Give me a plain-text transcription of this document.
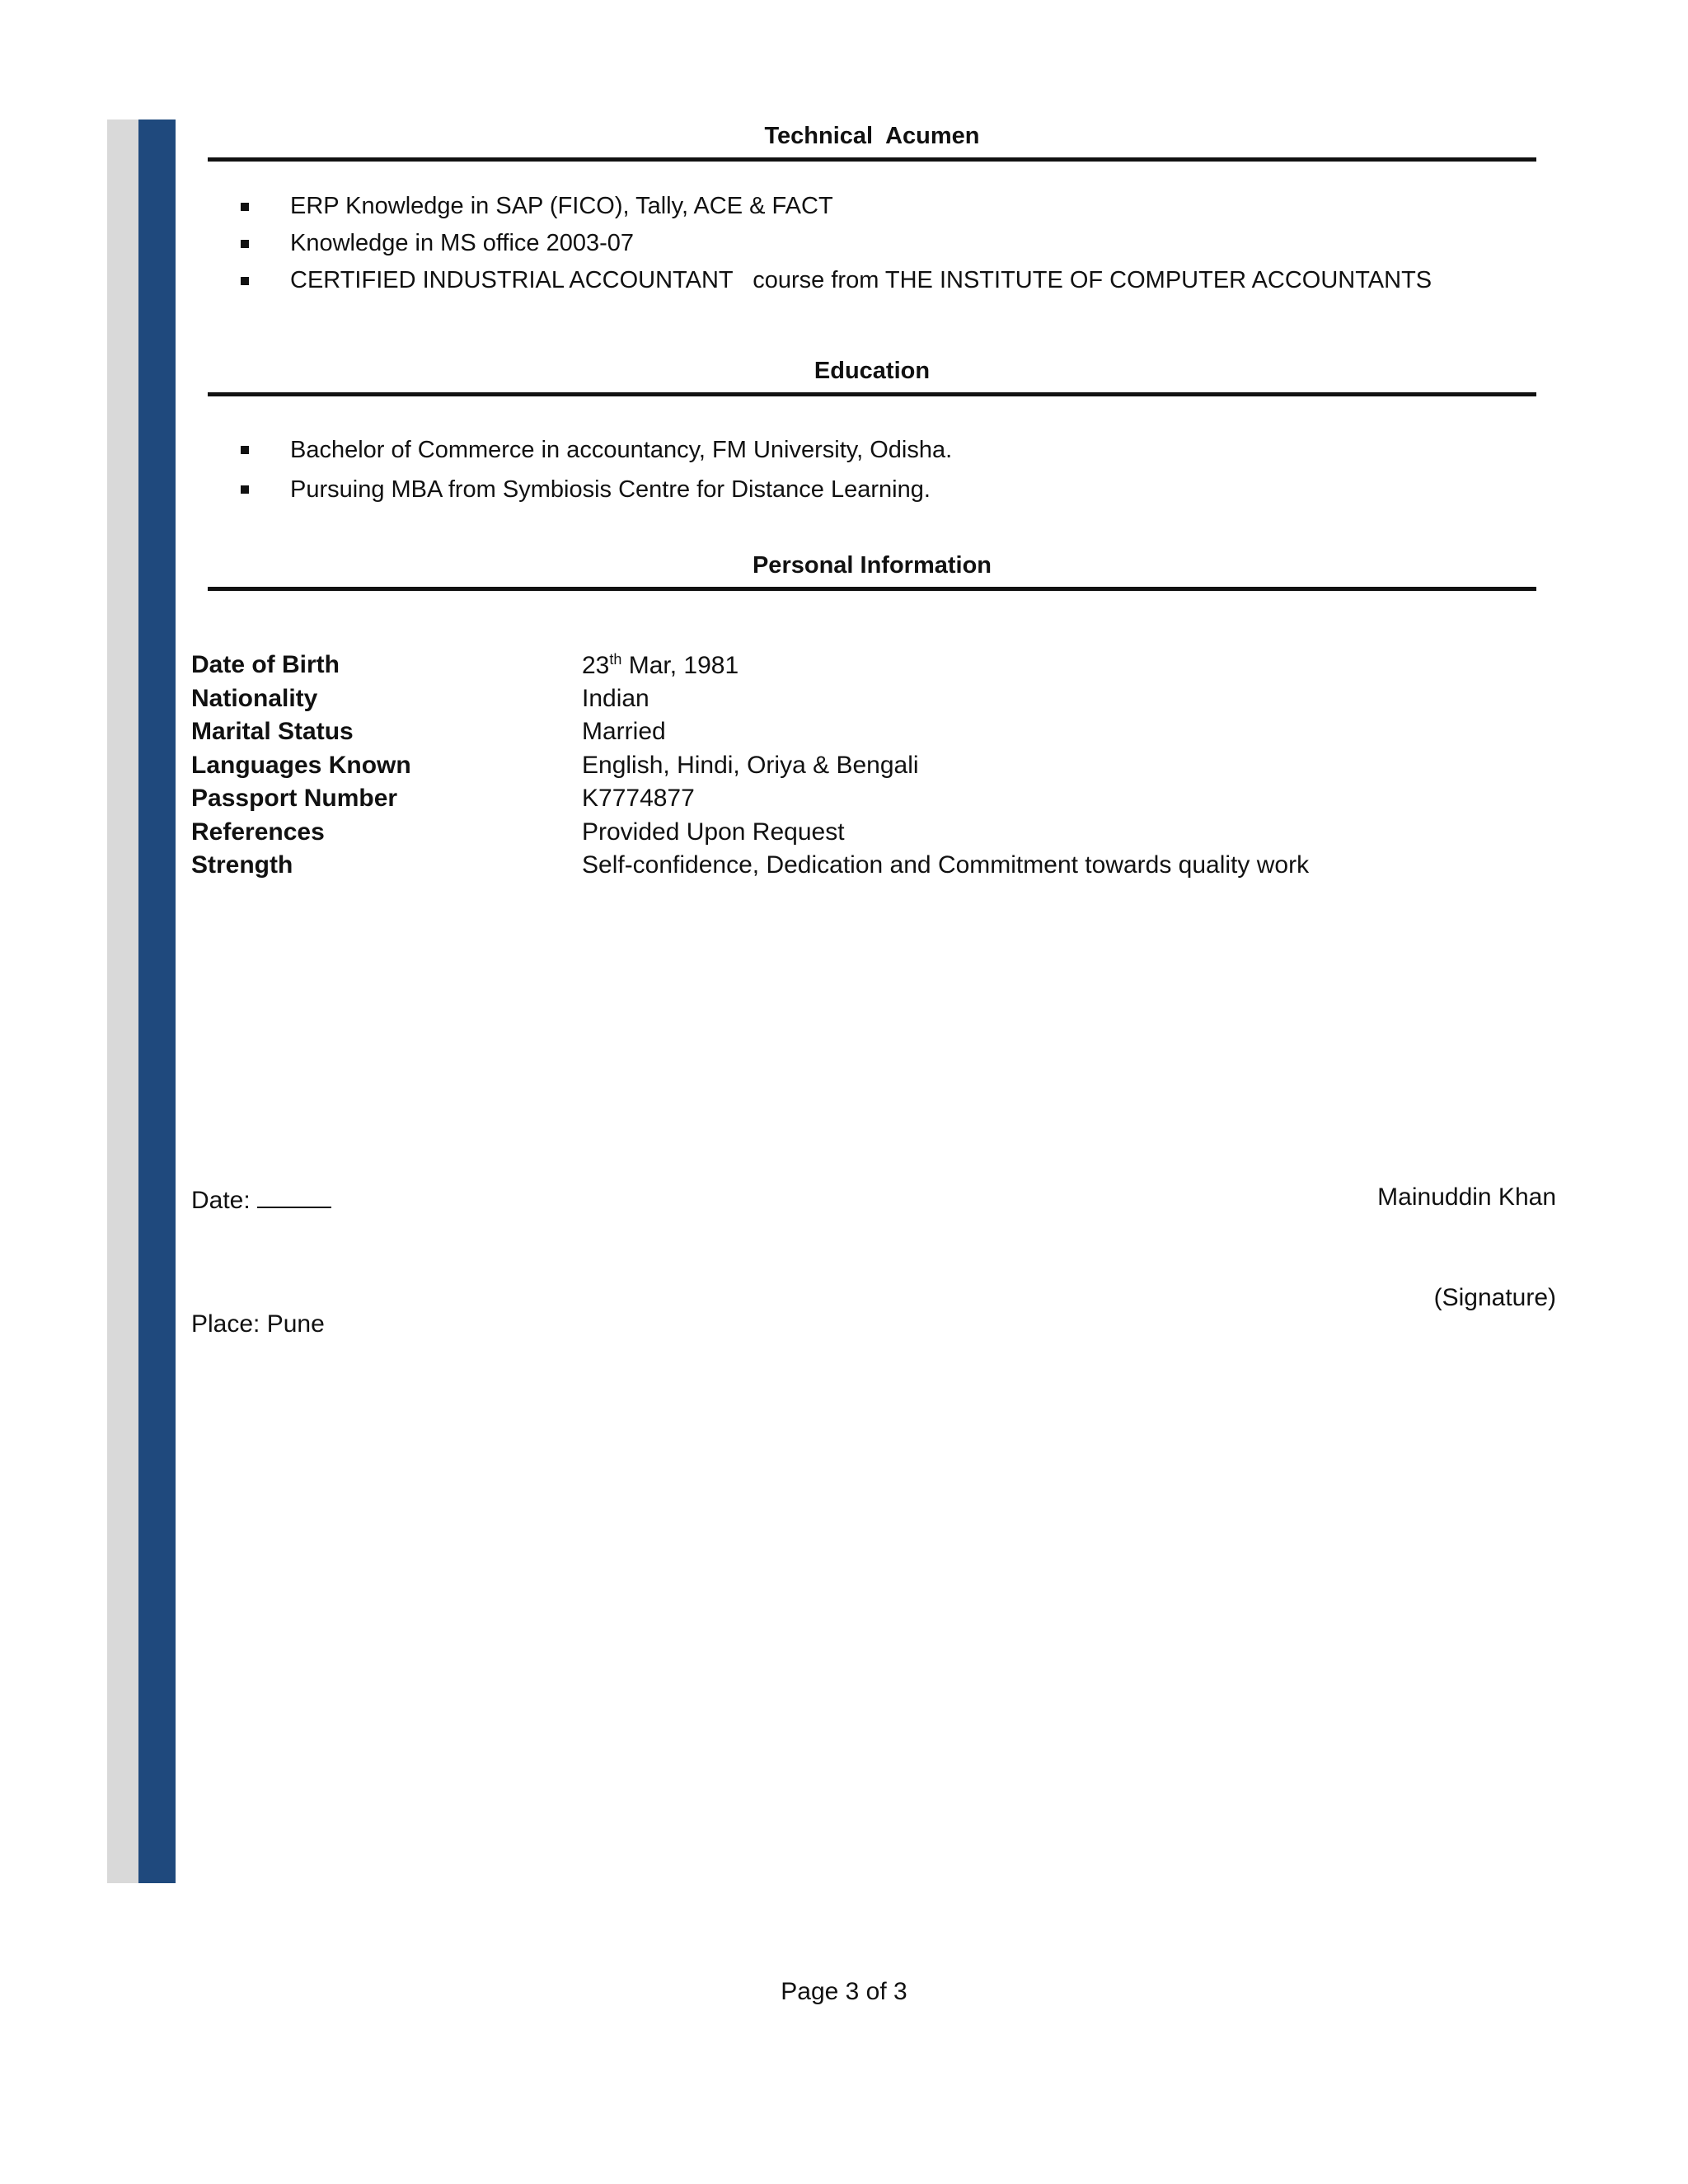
Technical  Acumen
ERP Knowledge in SAP (FICO), Tally, ACE & FACT
Knowledge in MS office 2003-07
CERTIFIED INDUSTRIAL ACCOUNTANT   course from THE INSTITUTE OF COMPUTER ACCOUNTANTS
Education
Bachelor of Commerce in accountancy, FM University, Odisha.
Pursuing MBA from Symbiosis Centre for Distance Learning.
Personal Information
Date of Birth	23th Mar, 1981
Nationality	Indian
Marital Status	Married
Languages Known	English, Hindi, Oriya & Bengali
Passport Number	K7774877
References	Provided Upon Request
Strength	Self-confidence, Dedication and Commitment towards quality work
Date:	Mainuddin Khan
(Signature)
Place: Pune
Page 3 of 3
